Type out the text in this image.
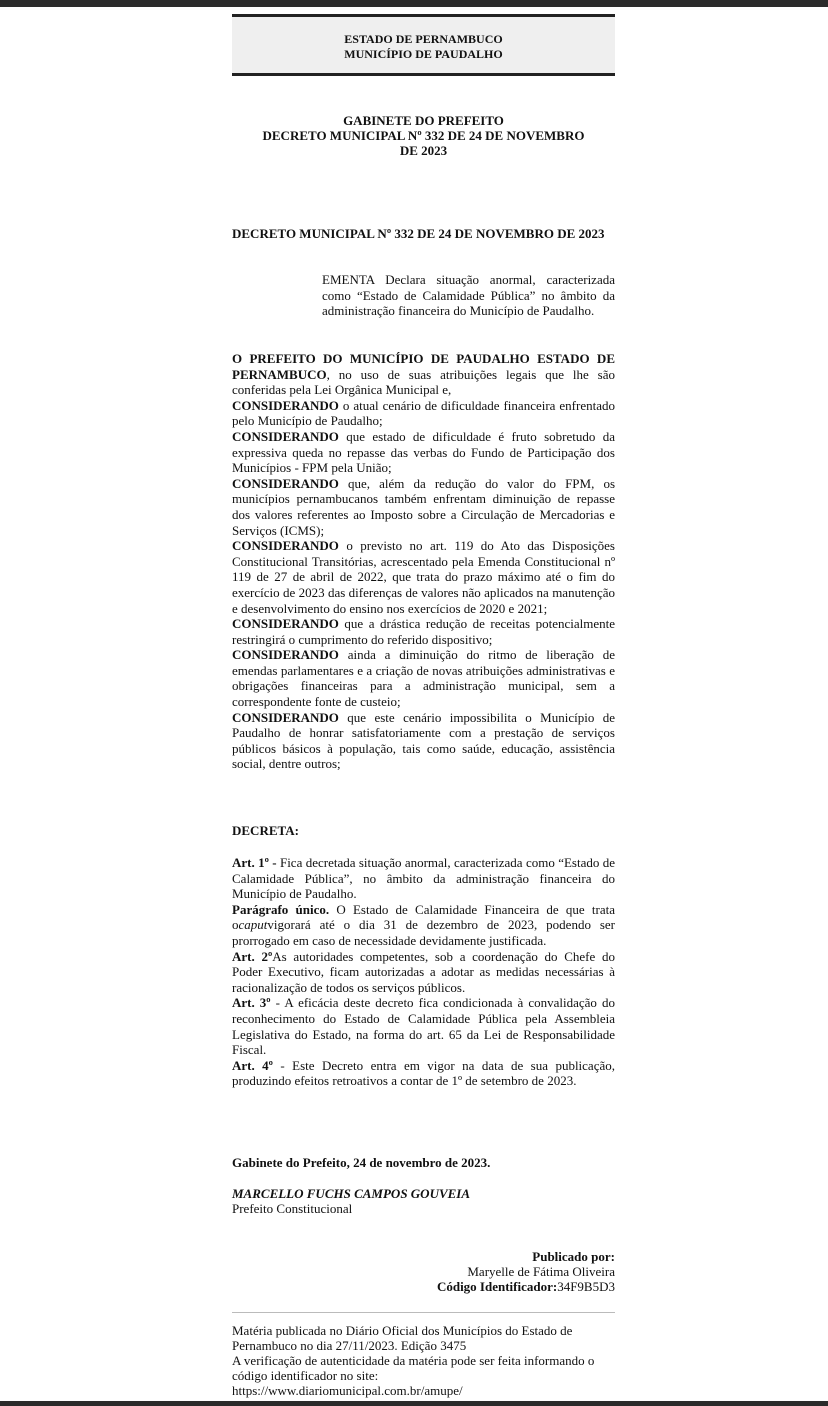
ESTADO DE PERNAMBUCO
MUNICÍPIO DE PAUDALHO
GABINETE DO PREFEITO
DECRETO MUNICIPAL Nº 332 DE 24 DE NOVEMBRO
DE 2023
DECRETO MUNICIPAL Nº 332 DE 24 DE NOVEMBRO DE 2023
EMENTA Declara situação anormal, caracterizada como “Estado de Calamidade Pública” no âmbito da administração financeira do Município de Paudalho.

O PREFEITO DO MUNICÍPIO DE PAUDALHO ESTADO DE PERNAMBUCO, no uso de suas atribuições legais que lhe são conferidas pela Lei Orgânica Municipal e,

CONSIDERANDO o atual cenário de dificuldade financeira enfrentado pelo Município de Paudalho;

CONSIDERANDO que estado de dificuldade é fruto sobretudo da expressiva queda no repasse das verbas do Fundo de Participação dos Municípios - FPM pela União;

CONSIDERANDO que, além da redução do valor do FPM, os municípios pernambucanos também enfrentam diminuição de repasse dos valores referentes ao Imposto sobre a Circulação de Mercadorias e Serviços (ICMS);

CONSIDERANDO o previsto no art. 119 do Ato das Disposições Constitucional Transitórias, acrescentado pela Emenda Constitucional nº 119 de 27 de abril de 2022, que trata do prazo máximo até o fim do exercício de 2023 das diferenças de valores não aplicados na manutenção e desenvolvimento do ensino nos exercícios de 2020 e 2021;

CONSIDERANDO que a drástica redução de receitas potencialmente restringirá o cumprimento do referido dispositivo;

CONSIDERANDO ainda a diminuição do ritmo de liberação de emendas parlamentares e a criação de novas atribuições administrativas e obrigações financeiras para a administração municipal, sem a correspondente fonte de custeio;

CONSIDERANDO que este cenário impossibilita o Município de Paudalho de honrar satisfatoriamente com a prestação de serviços públicos básicos à população, tais como saúde, educação, assistência social, dentre outros;

DECRETA:

Art. 1º - Fica decretada situação anormal, caracterizada como “Estado de Calamidade Pública”, no âmbito da administração financeira do Município de Paudalho.

Parágrafo único. O Estado de Calamidade Financeira de que trata ocaputvigorará até o dia 31 de dezembro de 2023, podendo ser prorrogado em caso de necessidade devidamente justificada.

Art. 2ºAs autoridades competentes, sob a coordenação do Chefe do Poder Executivo, ficam autorizadas a adotar as medidas necessárias à racionalização de todos os serviços públicos.

Art. 3º - A eficácia deste decreto fica condicionada à convalidação do reconhecimento do Estado de Calamidade Pública pela Assembleia Legislativa do Estado, na forma do art. 65 da Lei de Responsabilidade Fiscal.

Art. 4º - Este Decreto entra em vigor na data de sua publicação, produzindo efeitos retroativos a contar de 1º de setembro de 2023.

Gabinete do Prefeito, 24 de novembro de 2023.
MARCELLO FUCHS CAMPOS GOUVEIA
Prefeito Constitucional
Publicado por:
Maryelle de Fátima Oliveira
Código Identificador:34F9B5D3
Matéria publicada no Diário Oficial dos Municípios do Estado de Pernambuco no dia 27/11/2023. Edição 3475
A verificação de autenticidade da matéria pode ser feita informando o código identificador no site:
https://www.diariomunicipal.com.br/amupe/
